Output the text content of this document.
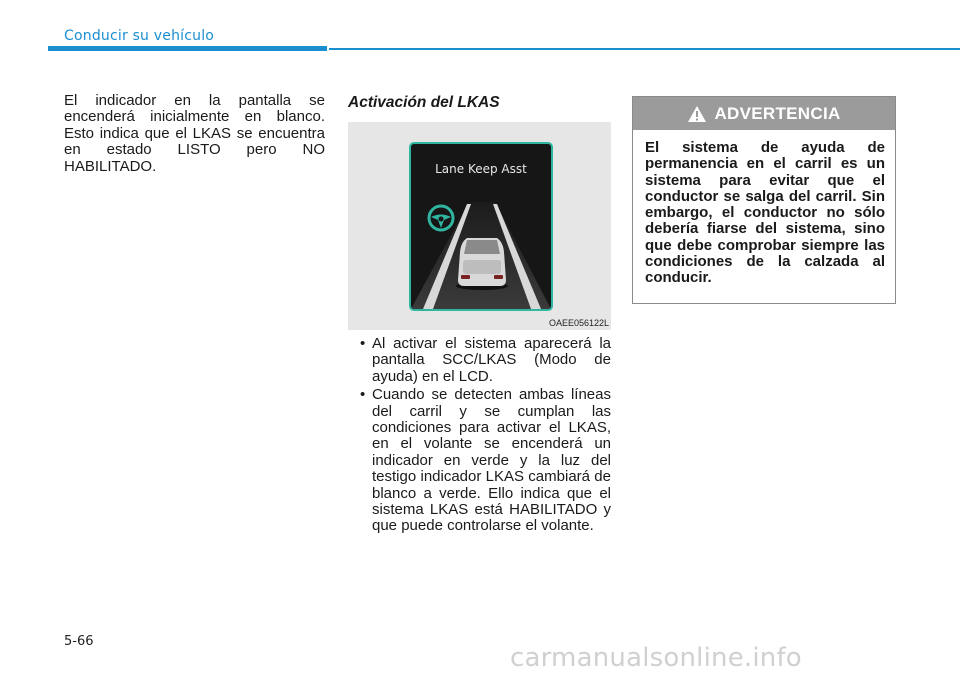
Conducir su vehículo
El indicador en la pantalla se encenderá inicialmente en blanco. Esto indica que el LKAS se encuentra en estado LISTO pero NO HABILITADO.
Activación del LKAS
Lane Keep Asst
OAEE056122L
• Al activar el sistema aparecerá la pantalla SCC/LKAS (Modo de ayuda) en el LCD.
• Cuando se detecten ambas líneas del carril y se cumplan las condiciones para activar el LKAS, en el volante se encenderá un indicador en verde y la luz del testigo indicador LKAS cambiará de blanco a verde. Ello indica que el sistema LKAS está HABILITADO y que puede controlarse el volante.
ADVERTENCIA
El sistema de ayuda de permanencia en el carril es un sistema para evitar que el conductor se salga del carril. Sin embargo, el conductor no sólo debería fiarse del sistema, sino que debe comprobar siempre las condiciones de la calzada al conducir.
5-66
carmanualsonline.info
